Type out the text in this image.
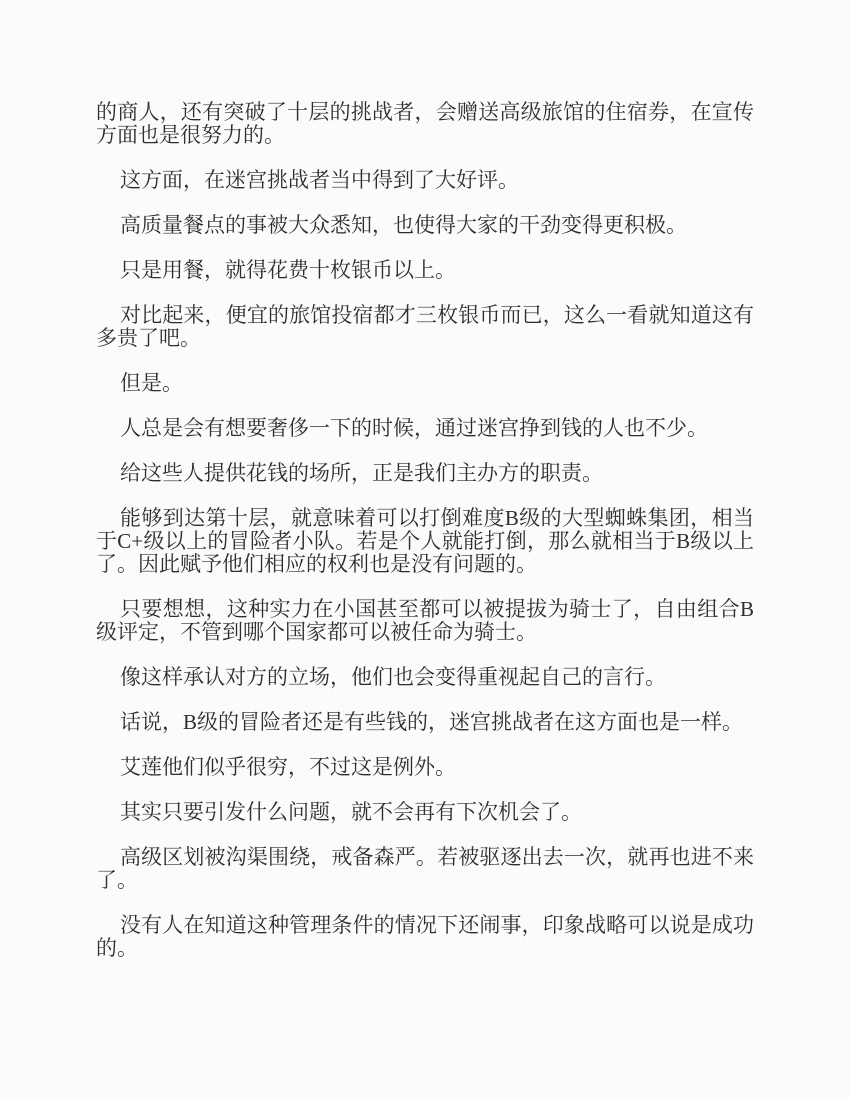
的商人，还有突破了十层的挑战者，会赠送高级旅馆的住宿券，在宣传方面也是很努力的。

这方面，在迷宫挑战者当中得到了大好评。

高质量餐点的事被大众悉知，也使得大家的干劲变得更积极。

只是用餐，就得花费十枚银币以上。

对比起来，便宜的旅馆投宿都才三枚银币而已，这么一看就知道这有多贵了吧。

但是。

人总是会有想要奢侈一下的时候，通过迷宫挣到钱的人也不少。

给这些人提供花钱的场所，正是我们主办方的职责。

能够到达第十层，就意味着可以打倒难度B级的大型蜘蛛集团，相当于C+级以上的冒险者小队。若是个人就能打倒，那么就相当于B级以上了。因此赋予他们相应的权利也是没有问题的。

只要想想，这种实力在小国甚至都可以被提拔为骑士了，自由组合B级评定，不管到哪个国家都可以被任命为骑士。

像这样承认对方的立场，他们也会变得重视起自己的言行。

话说，B级的冒险者还是有些钱的，迷宫挑战者在这方面也是一样。

艾莲他们似乎很穷，不过这是例外。

其实只要引发什么问题，就不会再有下次机会了。

高级区划被沟渠围绕，戒备森严。若被驱逐出去一次，就再也进不来了。

没有人在知道这种管理条件的情况下还闹事，印象战略可以说是成功的。
